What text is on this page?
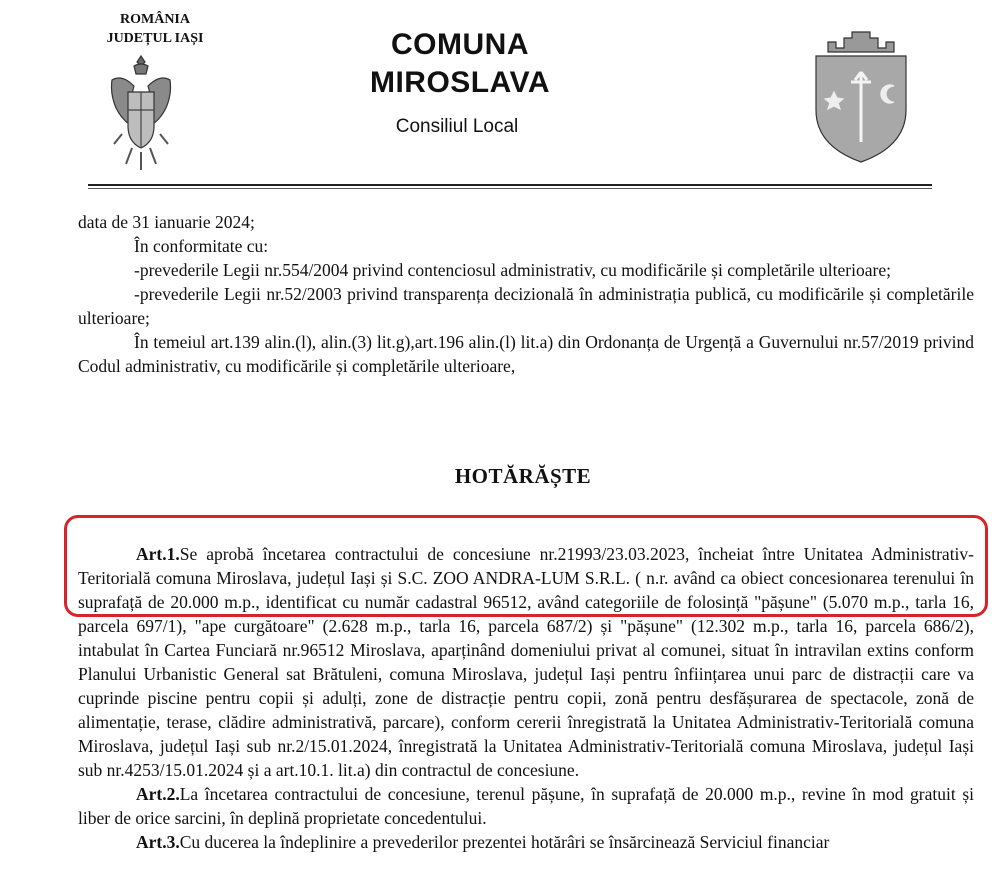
ROMÂNIA
JUDEȚUL IAȘI	COMUNA
MIROSLAVA
Consiliul Local

data de 31 ianuarie 2024;

În conformitate cu:

-prevederile Legii nr.554/2004 privind contenciosul administrativ, cu modificările și completările ulterioare;

-prevederile Legii nr.52/2003 privind transparența decizională în administrația publică, cu modificările și completările ulterioare;

În temeiul art.139 alin.(l), alin.(3) lit.g),art.196 alin.(l) lit.a) din Ordonanța de Urgență a Guvernului nr.57/2019 privind Codul administrativ, cu modificările și completările ulterioare,

HOTĂRĂȘTE

Art.1.Se aprobă încetarea contractului de concesiune nr.21993/23.03.2023, încheiat între Unitatea Administrativ-Teritorială comuna Miroslava, județul Iași și S.C. ZOO ANDRA-LUM S.R.L. ( n.r. având ca obiect concesionarea terenului în suprafață de 20.000 m.p., identificat cu număr cadastral 96512, având categoriile de folosință "pășune" (5.070 m.p., tarla 16, parcela 697/1), "ape curgătoare" (2.628 m.p., tarla 16, parcela 687/2) și "pășune" (12.302 m.p., tarla 16, parcela 686/2), intabulat în Cartea Funciară nr.96512 Miroslava, aparținând domeniului privat al comunei, situat în intravilan extins conform Planului Urbanistic General sat Brătuleni, comuna Miroslava, județul Iași pentru înființarea unui parc de distracții care va cuprinde piscine pentru copii și adulți, zone de distracție pentru copii, zonă pentru desfășurarea de spectacole, zonă de alimentație, terase, clădire administrativă, parcare), conform cererii înregistrată la Unitatea Administrativ-Teritorială comuna Miroslava, județul Iași sub nr.2/15.01.2024, înregistrată la Unitatea Administrativ-Teritorială comuna Miroslava, județul Iași sub nr.4253/15.01.2024 și a art.10.1. lit.a) din contractul de concesiune.

Art.2.La încetarea contractului de concesiune, terenul pășune, în suprafață de 20.000 m.p., revine în mod gratuit și liber de orice sarcini, în deplină proprietate concedentului.

Art.3.Cu ducerea la îndeplinire a prevederilor prezentei hotărâri se însărcinează Serviciul financiar
